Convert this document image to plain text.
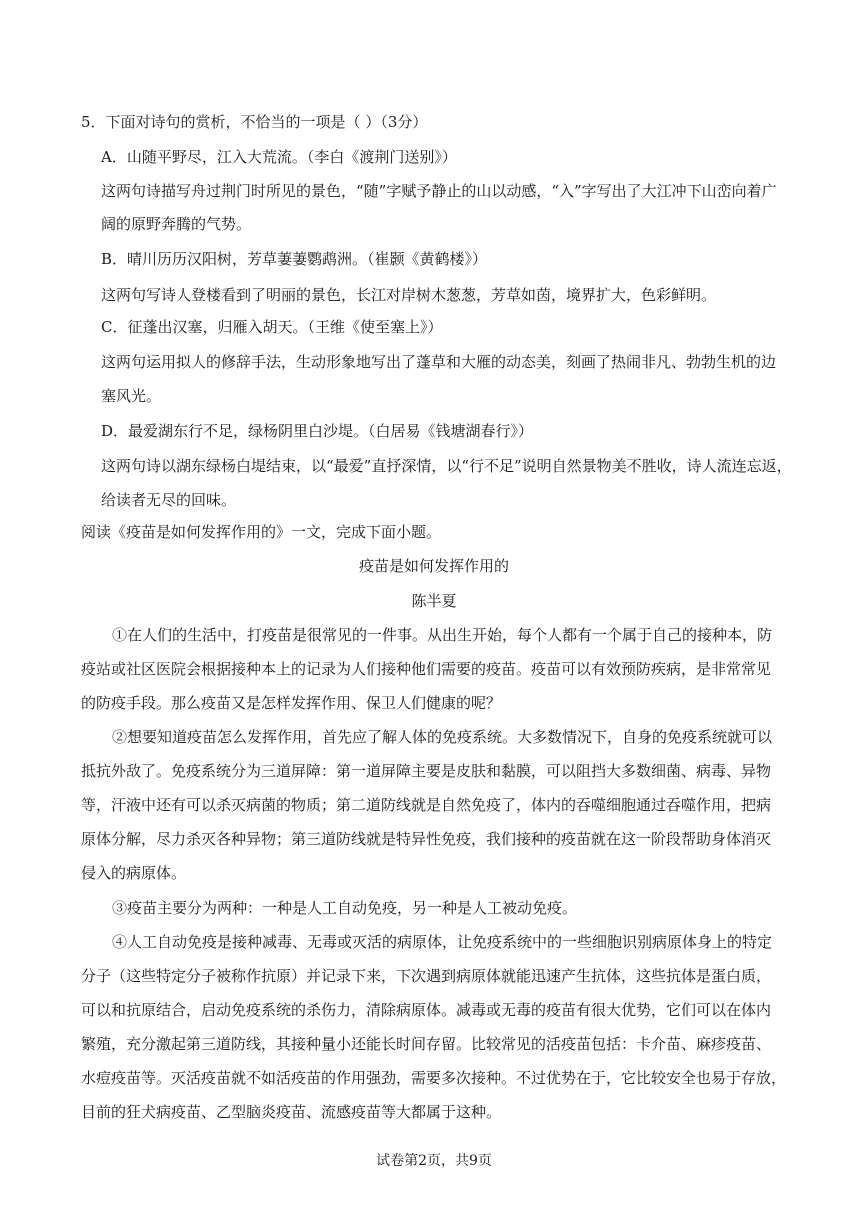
5．下面对诗句的赏析，不恰当的一项是（ ）（3分）
A．山随平野尽，江入大荒流。（李白《渡荆门送别》）
这两句诗描写舟过荆门时所见的景色，“随”字赋予静止的山以动感，“入”字写出了大江冲下山峦向着广
阔的原野奔腾的气势。
B．晴川历历汉阳树，芳草萋萋鹦鹉洲。（崔颢《黄鹤楼》）
这两句写诗人登楼看到了明丽的景色，长江对岸树木葱葱，芳草如茵，境界扩大，色彩鲜明。
C．征蓬出汉塞，归雁入胡天。（王维《使至塞上》）
这两句运用拟人的修辞手法，生动形象地写出了蓬草和大雁的动态美，刻画了热闹非凡、勃勃生机的边
塞风光。
D．最爱湖东行不足，绿杨阴里白沙堤。（白居易《钱塘湖春行》）
这两句诗以湖东绿杨白堤结束，以“最爱”直抒深情，以“行不足”说明自然景物美不胜收，诗人流连忘返，
给读者无尽的回味。
阅读《疫苗是如何发挥作用的》一文，完成下面小题。
疫苗是如何发挥作用的
陈半夏
①在人们的生活中，打疫苗是很常见的一件事。从出生开始，每个人都有一个属于自己的接种本，防
疫站或社区医院会根据接种本上的记录为人们接种他们需要的疫苗。疫苗可以有效预防疾病，是非常常见
的防疫手段。那么疫苗又是怎样发挥作用、保卫人们健康的呢？
②想要知道疫苗怎么发挥作用，首先应了解人体的免疫系统。大多数情况下，自身的免疫系统就可以
抵抗外敌了。免疫系统分为三道屏障：第一道屏障主要是皮肤和黏膜，可以阻挡大多数细菌、病毒、异物
等，汗液中还有可以杀灭病菌的物质；第二道防线就是自然免疫了，体内的吞噬细胞通过吞噬作用，把病
原体分解，尽力杀灭各种异物；第三道防线就是特异性免疫，我们接种的疫苗就在这一阶段帮助身体消灭
侵入的病原体。
③疫苗主要分为两种：一种是人工自动免疫，另一种是人工被动免疫。
④人工自动免疫是接种减毒、无毒或灭活的病原体，让免疫系统中的一些细胞识别病原体身上的特定
分子（这些特定分子被称作抗原）并记录下来，下次遇到病原体就能迅速产生抗体，这些抗体是蛋白质，
可以和抗原结合，启动免疫系统的杀伤力，清除病原体。减毒或无毒的疫苗有很大优势，它们可以在体内
繁殖，充分激起第三道防线，其接种量小还能长时间存留。比较常见的活疫苗包括：卡介苗、麻疹疫苗、
水痘疫苗等。灭活疫苗就不如活疫苗的作用强劲，需要多次接种。不过优势在于，它比较安全也易于存放，
目前的狂犬病疫苗、乙型脑炎疫苗、流感疫苗等大都属于这种。
试卷第2页，共9页
